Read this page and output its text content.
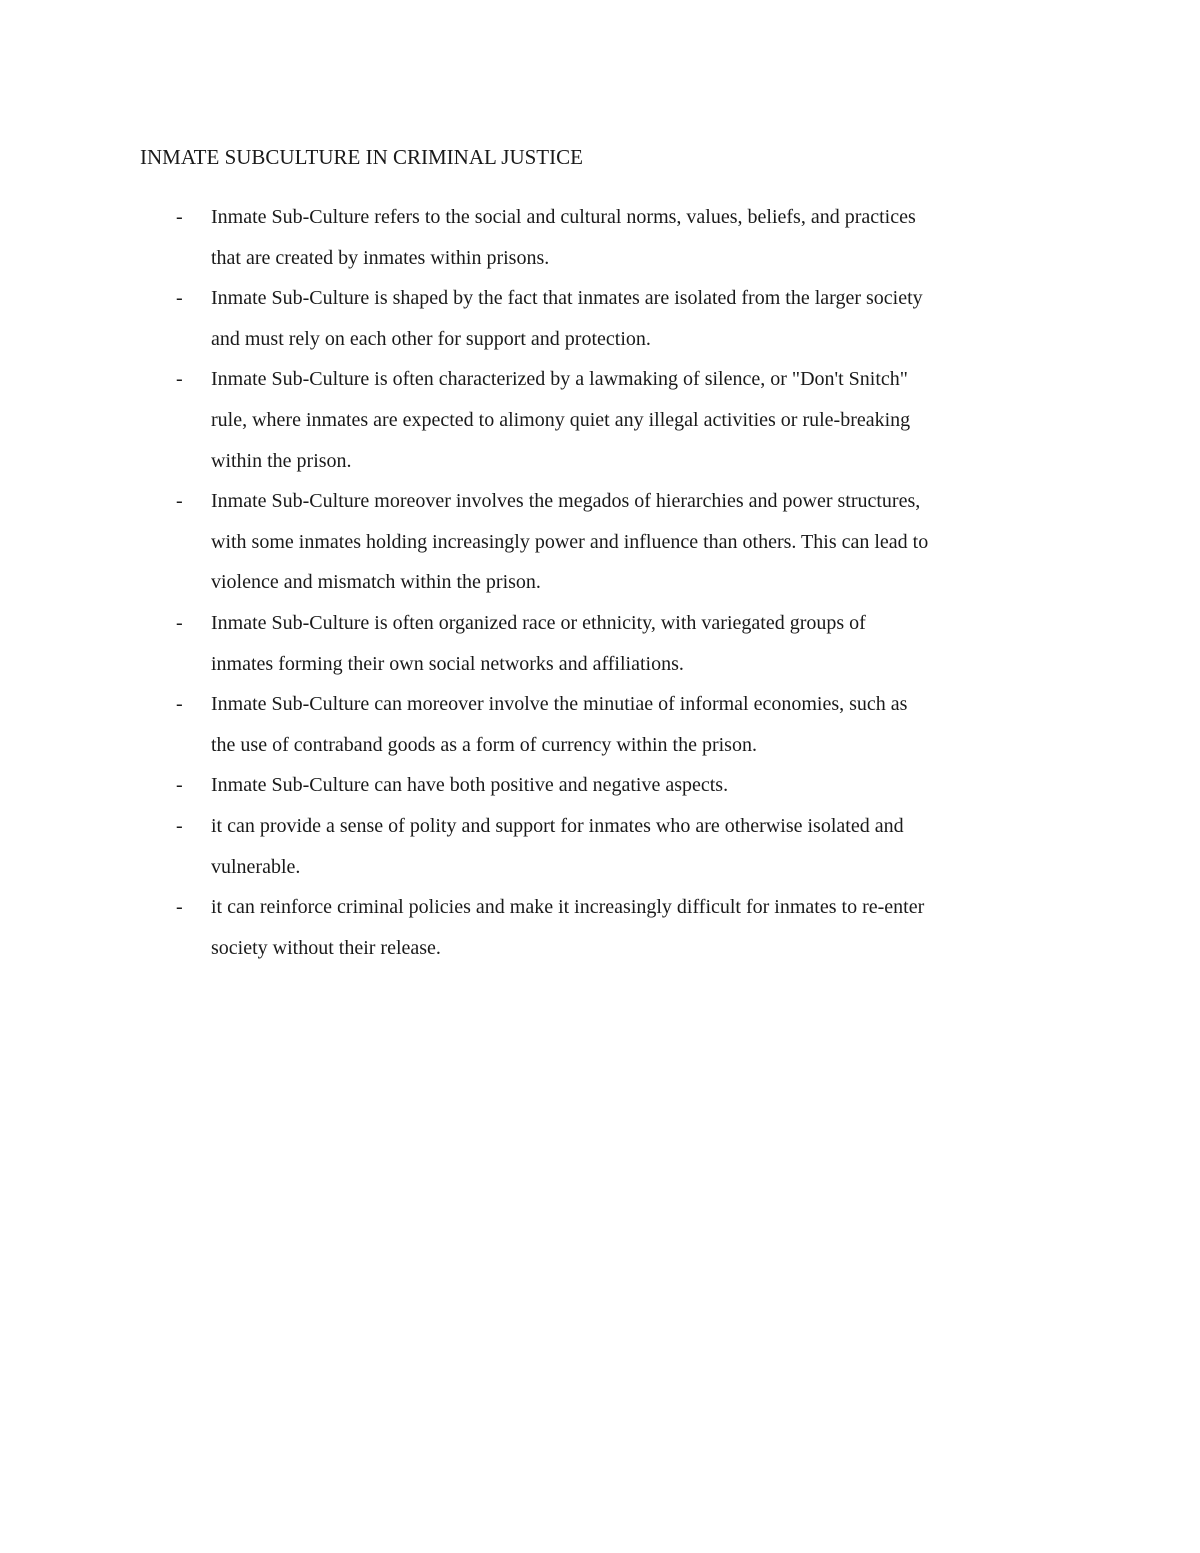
INMATE SUBCULTURE IN CRIMINAL JUSTICE
- Inmate Sub-Culture refers to the social and cultural norms, values, beliefs, and practices
that are created by inmates within prisons.
- Inmate Sub-Culture is shaped by the fact that inmates are isolated from the larger society
and must rely on each other for support and protection.
- Inmate Sub-Culture is often characterized by a lawmaking of silence, or "Don't Snitch"
rule, where inmates are expected to alimony quiet any illegal activities or rule-breaking
within the prison.
- Inmate Sub-Culture moreover involves the megados of hierarchies and power structures,
with some inmates holding increasingly power and influence than others. This can lead to
violence and mismatch within the prison.
- Inmate Sub-Culture is often organized race or ethnicity, with variegated groups of
inmates forming their own social networks and affiliations.
- Inmate Sub-Culture can moreover involve the minutiae of informal economies, such as
the use of contraband goods as a form of currency within the prison.
- Inmate Sub-Culture can have both positive and negative aspects.
- it can provide a sense of polity and support for inmates who are otherwise isolated and
vulnerable.
- it can reinforce criminal policies and make it increasingly difficult for inmates to re-enter
society without their release.
